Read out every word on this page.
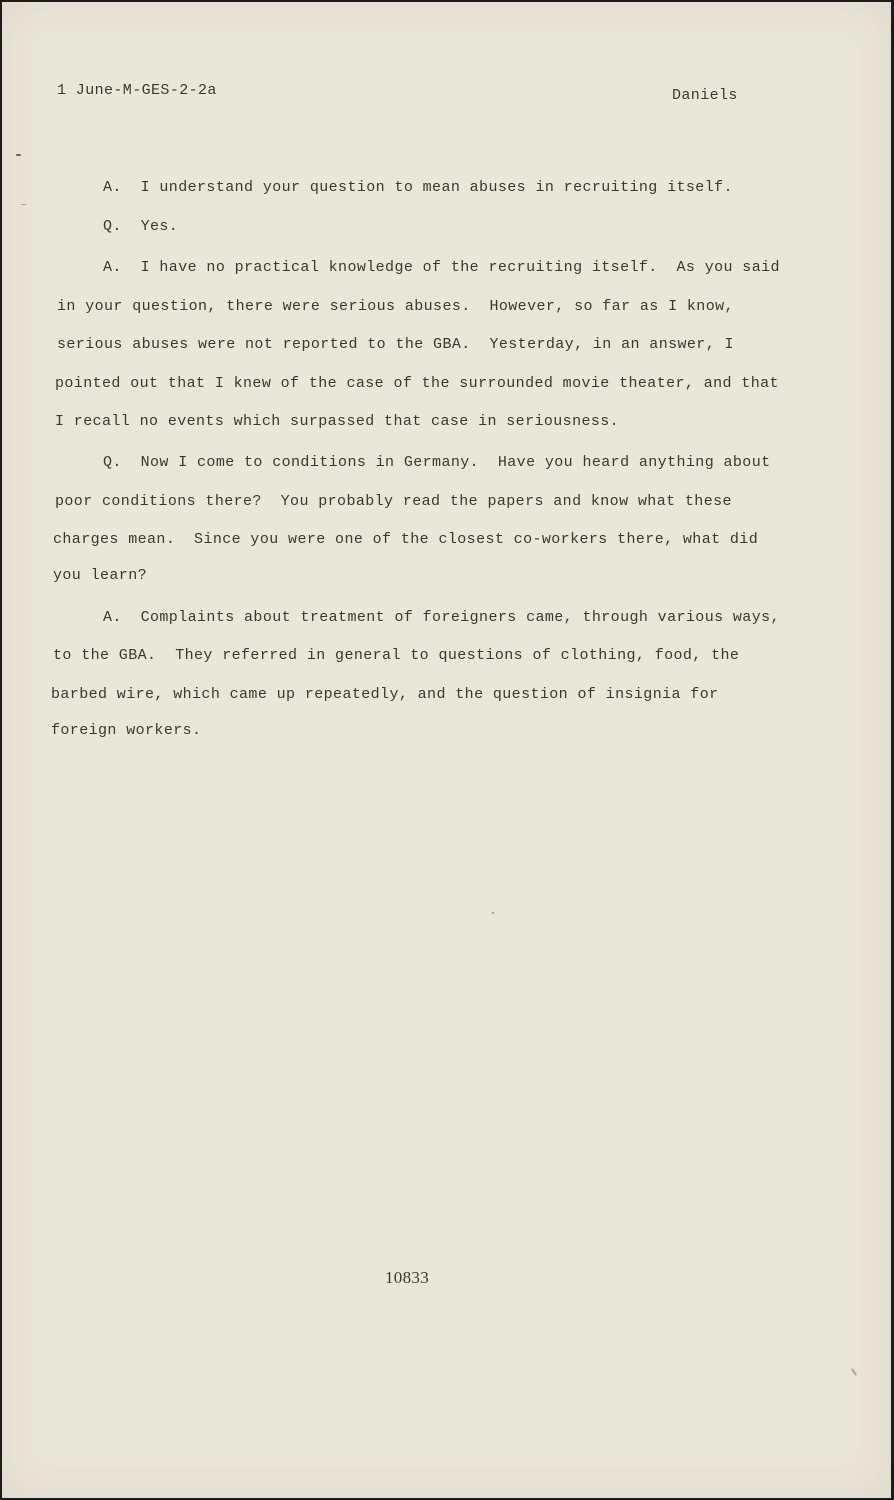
1 June-M-GES-2-2a	Daniels
A.  I understand your question to mean abuses in recruiting itself.
Q.  Yes.
A.  I have no practical knowledge of the recruiting itself.  As you said
in your question, there were serious abuses.  However, so far as I know,
serious abuses were not reported to the GBA.  Yesterday, in an answer, I
pointed out that I knew of the case of the surrounded movie theater, and that
I recall no events which surpassed that case in seriousness.
Q.  Now I come to conditions in Germany.  Have you heard anything about
poor conditions there?  You probably read the papers and know what these
charges mean.  Since you were one of the closest co-workers there, what did
you learn?
A.  Complaints about treatment of foreigners came, through various ways,
to the GBA.  They referred in general to questions of clothing, food, the
barbed wire, which came up repeatedly, and the question of insignia for
foreign workers.
10833
